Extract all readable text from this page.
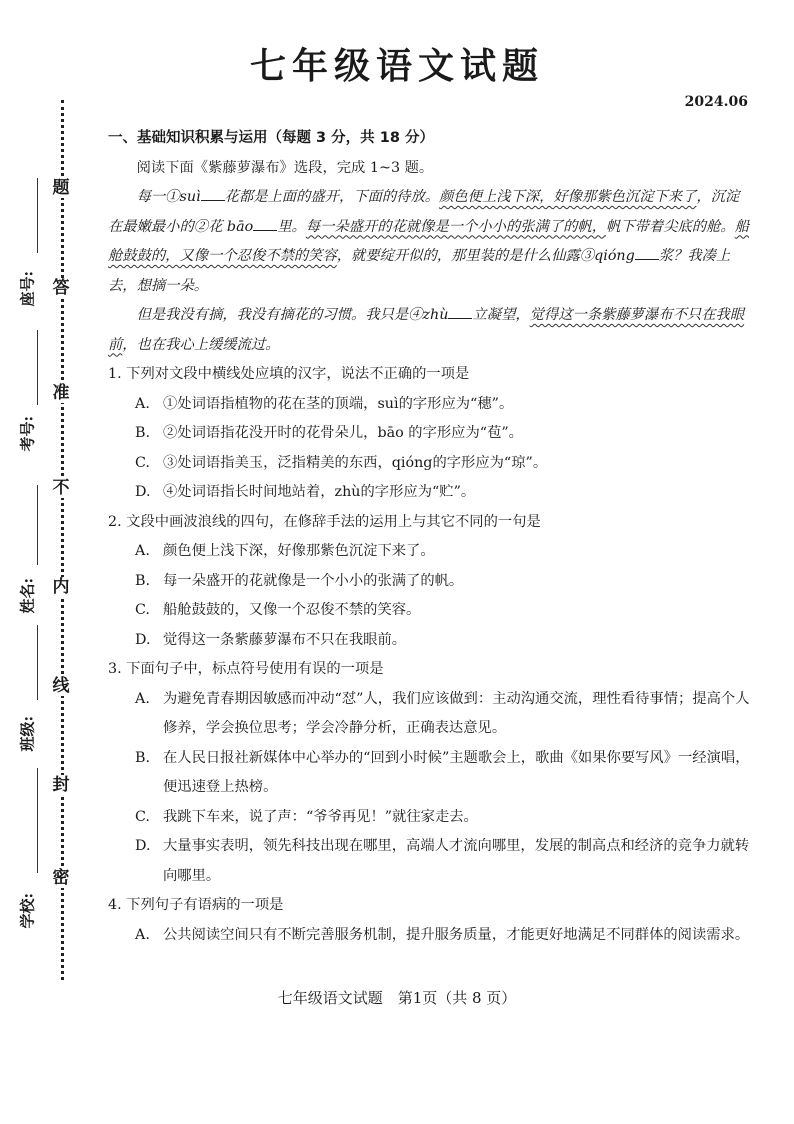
七年级语文试题
2024.06
题
答
准
不
内
线
封
密
座号:
考号:
姓名:
班级:
学校:
一、基础知识积累与运用（每题 3 分，共 18 分）
阅读下面《紫藤萝瀑布》选段，完成 1~3 题。
每一①suì 花都是上面的盛开，下面的待放。颜色便上浅下深，好像那紫色沉淀下来了，沉淀在最嫩最小的②花 bāo 里。每一朵盛开的花就像是一个小小的张满了的帆，帆下带着尖底的舱。船舱鼓鼓的，又像一个忍俊不禁的笑容，就要绽开似的，那里装的是什么仙露③qióng 浆？我凑上去，想摘一朵。
但是我没有摘，我没有摘花的习惯。我只是④zhù 立凝望，觉得这一条紫藤萝瀑布不只在我眼前，也在我心上缓缓流过。
1. 下列对文段中横线处应填的汉字，说法不正确的一项是
A. ①处词语指植物的花在茎的顶端，suì的字形应为“穗”。
B. ②处词语指花没开时的花骨朵儿，bāo 的字形应为“苞”。
C. ③处词语指美玉，泛指精美的东西，qióng的字形应为“琼”。
D. ④处词语指长时间地站着，zhù的字形应为“贮”。
2. 文段中画波浪线的四句，在修辞手法的运用上与其它不同的一句是
A. 颜色便上浅下深，好像那紫色沉淀下来了。
B. 每一朵盛开的花就像是一个小小的张满了的帆。
C. 船舱鼓鼓的，又像一个忍俊不禁的笑容。
D. 觉得这一条紫藤萝瀑布不只在我眼前。
3. 下面句子中，标点符号使用有误的一项是
A. 为避免青春期因敏感而冲动“怼”人，我们应该做到：主动沟通交流，理性看待事情；提高个人修养，学会换位思考；学会冷静分析，正确表达意见。
B. 在人民日报社新媒体中心举办的“回到小时候”主题歌会上，歌曲《如果你要写风》一经演唱，便迅速登上热榜。
C. 我跳下车来，说了声：“爷爷再见！”就往家走去。
D. 大量事实表明，领先科技出现在哪里，高端人才流向哪里，发展的制高点和经济的竞争力就转向哪里。
4. 下列句子有语病的一项是
A. 公共阅读空间只有不断完善服务机制，提升服务质量，才能更好地满足不同群体的阅读需求。
七年级语文试题　第1页（共 8 页）
